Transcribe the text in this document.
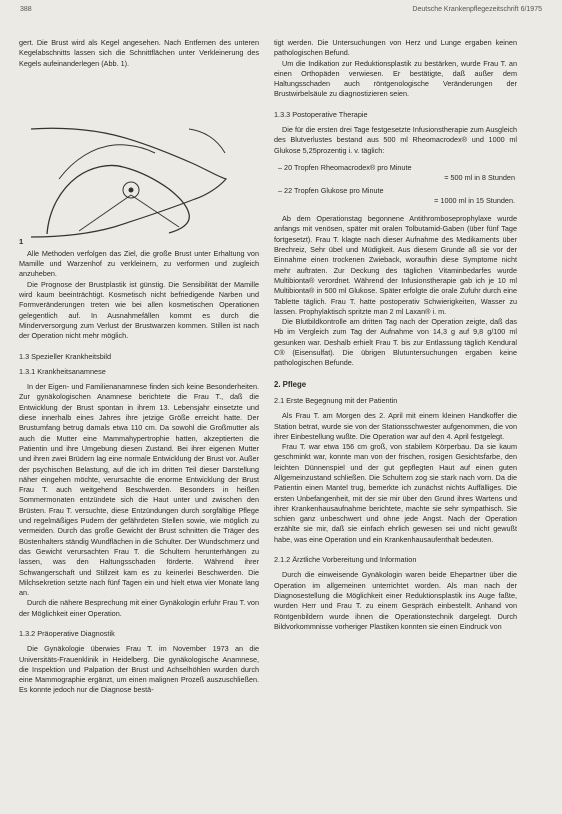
388	Deutsche Krankenpflegezeitschrift 6/1975

gert. Die Brust wird als Kegel angesehen. Nach Entfernen des unteren Kegelabschnitts lassen sich die Schnittflächen unter Verkleinerung des Kegels aufeinanderlegen (Abb. 1).

1

Alle Methoden verfolgen das Ziel, die große Brust unter Erhaltung von Mamille und Warzenhof zu verkleinern, zu verformen und zugleich anzuheben.

Die Prognose der Brustplastik ist günstig. Die Sensibilität der Mamille wird kaum beeinträchtigt. Kosmetisch nicht befriedigende Narben und Formveränderungen treten wie bei allen kosmetischen Operationen gelegentlich auf. In Ausnahmefällen kommt es durch die Minderversorgung zum Verlust der Brustwarzen kommen. Stillen ist nach der Operation nicht mehr möglich.

1.3 Spezieller Krankheitsbild
1.3.1 Krankheitsanamnese

In der Eigen- und Familienanamnese finden sich keine Besonderheiten. Zur gynäkologischen Anamnese berichtete die Frau T., daß die Entwicklung der Brust spontan in ihrem 13. Lebensjahr einsetzte und diese innerhalb eines Jahres ihre jetzige Größe erreicht hatte. Der Brustumfang betrug damals etwa 110 cm. Da sowohl die Großmutter als auch die Mutter eine Mammahypertrophie hatten, akzeptierten die Patientin und ihre Umgebung diesen Zustand. Bei ihrer eigenen Mutter und ihren zwei Brüdern lag eine normale Entwicklung der Brust vor. Außer der psychischen Belastung, auf die ich im dritten Teil dieser Darstellung näher eingehen möchte, verursachte die enorme Entwicklung der Brust Frau T. auch weitgehend Beschwerden. Besonders in heißen Sommermonaten entzündete sich die Haut unter und zwischen den Brüsten. Frau T. versuchte, diese Entzündungen durch sorgfältige Pflege und regelmäßiges Pudern der gefährdeten Stellen sowie, wie möglich zu vermeiden. Durch das große Gewicht der Brust schnitten die Träger des Büstenhalters ständig Wundflächen in die Schulter. Der Wundschmerz und das Gewicht verursachten Frau T. die Schultern herunterhängen zu lassen, was den Haltungsschaden förderte. Während ihrer Schwangerschaft und Stillzeit kam es zu keinerlei Beschwerden. Die Milchsekretion setzte nach fünf Tagen ein und hielt etwa vier Monate lang an.

Durch die nähere Besprechung mit einer Gynäkologin erfuhr Frau T. von der Möglichkeit einer Operation.

1.3.2 Präoperative Diagnostik

Die Gynäkologie überwies Frau T. im November 1973 an die Universitäts-Frauenklinik in Heidelberg. Die gynäkologische Anamnese, die Inspektion und Palpation der Brust und Achselhöhlen wurden durch eine Mammographie ergänzt, um einen malignen Prozeß auszuschließen. Es konnte jedoch nur die Diagnose bestä-

tigt werden. Die Untersuchungen von Herz und Lunge ergaben keinen pathologischen Befund.

Um die Indikation zur Reduktionsplastik zu bestärken, wurde Frau T. an einen Orthopäden verwiesen. Er bestätigte, daß außer dem Haltungsschaden auch röntgenologische Veränderungen der Brustwirbelsäule zu diagnostizieren seien.

1.3.3 Postoperative Therapie

Die für die ersten drei Tage festgesetzte Infusionstherapie zum Ausgleich des Blutverlustes bestand aus 500 ml Rheomacrodex® und 1000 ml Glukose 5,25prozentig i. v. täglich:

– 20 Tropfen Rheomacrodex® pro Minute
= 500 ml in 8 Stunden
– 22 Tropfen Glukose pro Minute
= 1000 ml in 15 Stunden.

Ab dem Operationstag begonnene Antithromboseprophylaxe wurde anfangs mit venösen, später mit oralen Tolbutamid-Gaben (über fünf Tage fortgesetzt). Frau T. klagte nach dieser Aufnahme des Medikaments über Brechreiz, Sehr übel und Müdigkeit. Aus diesem Grunde aß sie vor der Einnahme einen trockenen Zwieback, woraufhin diese Symptome nicht mehr auftraten. Zur Deckung des täglichen Vitaminbedarfes wurde Multibionta® verordnet. Während der Infusionstherapie gab ich je 10 ml Multibionta® in 500 ml Glukose. Später erfolgte die orale Zufuhr durch eine Tablette täglich. Frau T. hatte postoperativ Schwierigkeiten, Wasser zu lassen. Prophylaktisch spritzte man 2 ml Laxan® i. m.

Die Blutbildkontrolle am dritten Tag nach der Operation zeigte, daß das Hb im Vergleich zum Tag der Aufnahme von 14,3 g auf 9,8 g/100 ml gesunken war. Deshalb erhielt Frau T. bis zur Entlassung täglich Kendural C® (Eisensulfat). Die übrigen Blutuntersuchungen ergaben keine pathologischen Befunde.

2. Pflege
2.1 Erste Begegnung mit der Patientin

Als Frau T. am Morgen des 2. April mit einem kleinen Handkoffer die Station betrat, wurde sie von der Stationsschwester aufgenommen, die von ihrer Einbestellung wußte. Die Operation war auf den 4. April festgelegt.

Frau T. war etwa 156 cm groß, von stabilem Körperbau. Da sie kaum geschminkt war, konnte man von der frischen, rosigen Gesichtsfarbe, den leichten Dünnenspiel und der gut gepflegten Haut auf einen guten Allgemeinzustand schließen. Die Schultern zog sie stark nach vorn. Da die Patientin einen Mantel trug, bemerkte ich zunächst nichts Auffälliges. Die ersten Unbefangenheit, mit der sie mir über den Grund ihres Wartens und ihrer Krankenhausaufnahme berichtete, machte sie sehr sympathisch. Sie schien ganz unbeschwert und ohne jede Angst. Nach der Operation erzählte sie mir, daß sie einfach ehrlich gewesen sei und nicht gewußt habe, was eine Operation und ein Krankenhausaufenthalt bedeuten.

2.1.2 Ärztliche Vorbereitung und Information

Durch die einweisende Gynäkologin waren beide Ehepartner über die Operation im allgemeinen unterrichtet worden. Als man nach der Diagnosestellung die Möglichkeit einer Reduktionsplastik ins Auge faßte, wurden Herr und Frau T. zu einem Gespräch einbestellt. Anhand von Röntgenbildern wurde ihnen die Operationstechnik dargelegt. Durch Bildvorkommnisse vorheriger Plastiken konnten sie einen Eindruck von
